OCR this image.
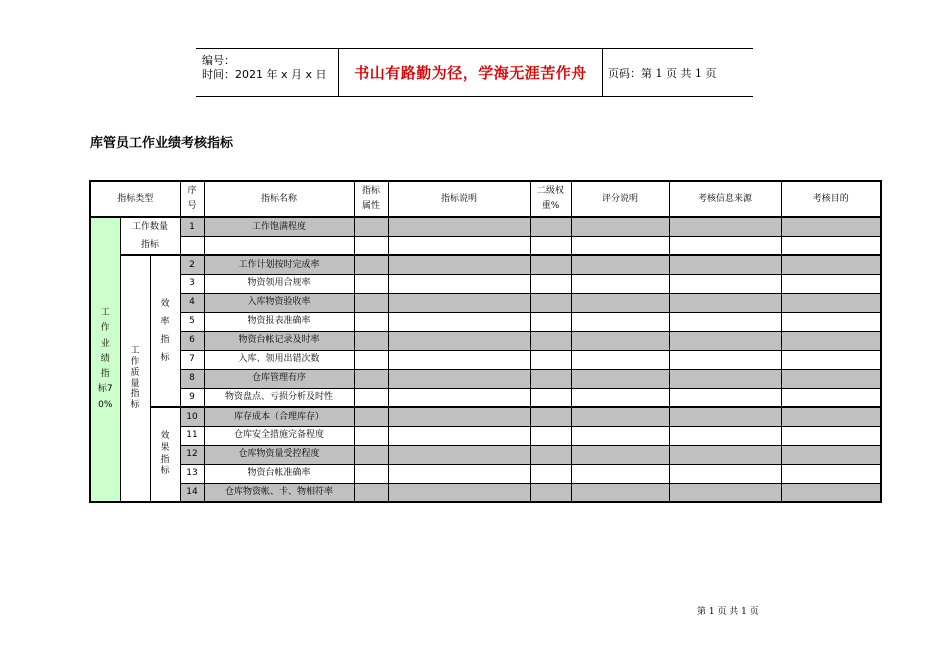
编号：
时间：2021 年 x 月 x 日	书山有路勤为径，学海无涯苦作舟	页码：第 1 页 共 1 页
库管员工作业绩考核指标
指标类型			序号	指标名称	指标属性	指标说明	二级权重%	评分说明	考核信息来源	考核目的
工作业绩指标70%	工作数量指标		1	工作饱满程度						

	工作质量指标	效率指标	2	工作计划按时完成率						
			3	物资领用合规率						
			4	入库物资验收率						
			5	物资报表准确率						
			6	物资台帐记录及时率						
			7	入库、领用出错次数						
			8	仓库管理有序						
			9	物资盘点、亏损分析及时性						
		效果指标	10	库存成本（合理库存）						
			11	仓库安全措施完备程度						
			12	仓库物资量受控程度						
			13	物资台帐准确率						
			14	仓库物资帐、卡、物相符率						
第 1 页 共 1 页
